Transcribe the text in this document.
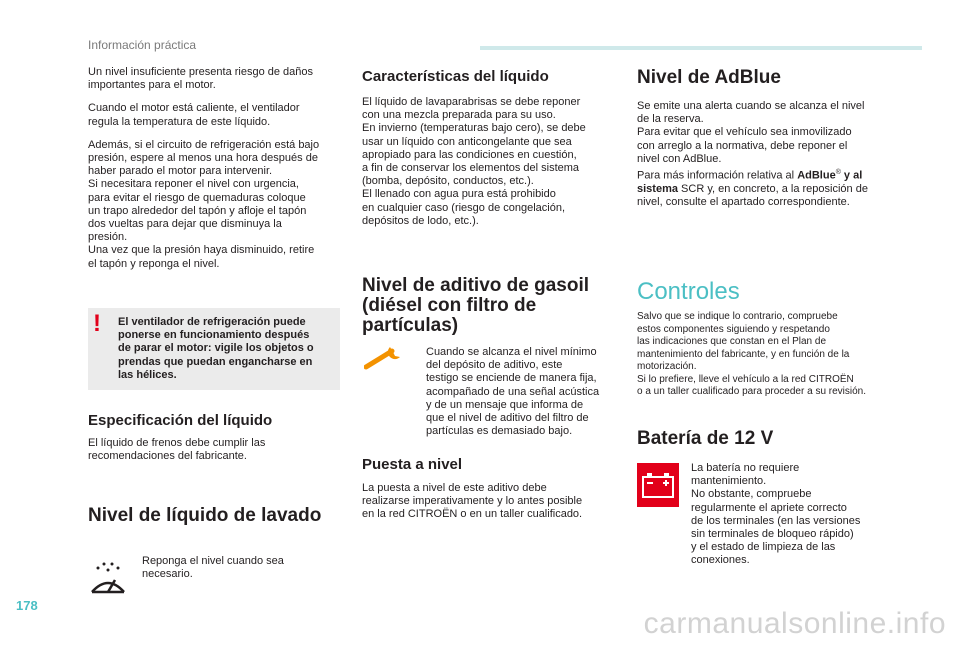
Información práctica

Un nivel insuficiente presenta riesgo de daños
importantes para el motor.

Cuando el motor está caliente, el ventilador
regula la temperatura de este líquido.

Además, si el circuito de refrigeración está bajo
presión, espere al menos una hora después de
haber parado el motor para intervenir.
Si necesitara reponer el nivel con urgencia,
para evitar el riesgo de quemaduras coloque
un trapo alrededor del tapón y afloje el tapón
dos vueltas para dejar que disminuya la
presión.
Una vez que la presión haya disminuido, retire
el tapón y reponga el nivel.

! El ventilador de refrigeración puede
ponerse en funcionamiento después
de parar el motor: vigile los objetos o
prendas que puedan engancharse en
las hélices.
Especificación del líquido

El líquido de frenos debe cumplir las
recomendaciones del fabricante.

Nivel de líquido de lavado

Reponga el nivel cuando sea
necesario.

Características del líquido

El líquido de lavaparabrisas se debe reponer
con una mezcla preparada para su uso.
En invierno (temperaturas bajo cero), se debe
usar un líquido con anticongelante que sea
apropiado para las condiciones en cuestión,
a fin de conservar los elementos del sistema
(bomba, depósito, conductos, etc.).
El llenado con agua pura está prohibido
en cualquier caso (riesgo de congelación,
depósitos de lodo, etc.).

Nivel de aditivo de gasoil
(diésel con filtro de
partículas)

Cuando se alcanza el nivel mínimo
del depósito de aditivo, este
testigo se enciende de manera fija,
acompañado de una señal acústica
y de un mensaje que informa de
que el nivel de aditivo del filtro de
partículas es demasiado bajo.

Puesta a nivel

La puesta a nivel de este aditivo debe
realizarse imperativamente y lo antes posible
en la red CITROËN o en un taller cualificado.

Nivel de AdBlue

Se emite una alerta cuando se alcanza el nivel
de la reserva.
Para evitar que el vehículo sea inmovilizado
con arreglo a la normativa, debe reponer el
nivel con AdBlue.
Para más información relativa al AdBlue® y al
sistema SCR y, en concreto, a la reposición de
nivel, consulte el apartado correspondiente.

Controles

Salvo que se indique lo contrario, compruebe
estos componentes siguiendo y respetando
las indicaciones que constan en el Plan de
mantenimiento del fabricante, y en función de la
motorización.
Si lo prefiere, lleve el vehículo a la red CITROËN
o a un taller cualificado para proceder a su revisión.

Batería de 12 V

La batería no requiere
mantenimiento.
No obstante, compruebe
regularmente el apriete correcto
de los terminales (en las versiones
sin terminales de bloqueo rápido)
y el estado de limpieza de las
conexiones.

178
carmanualsonline.info
